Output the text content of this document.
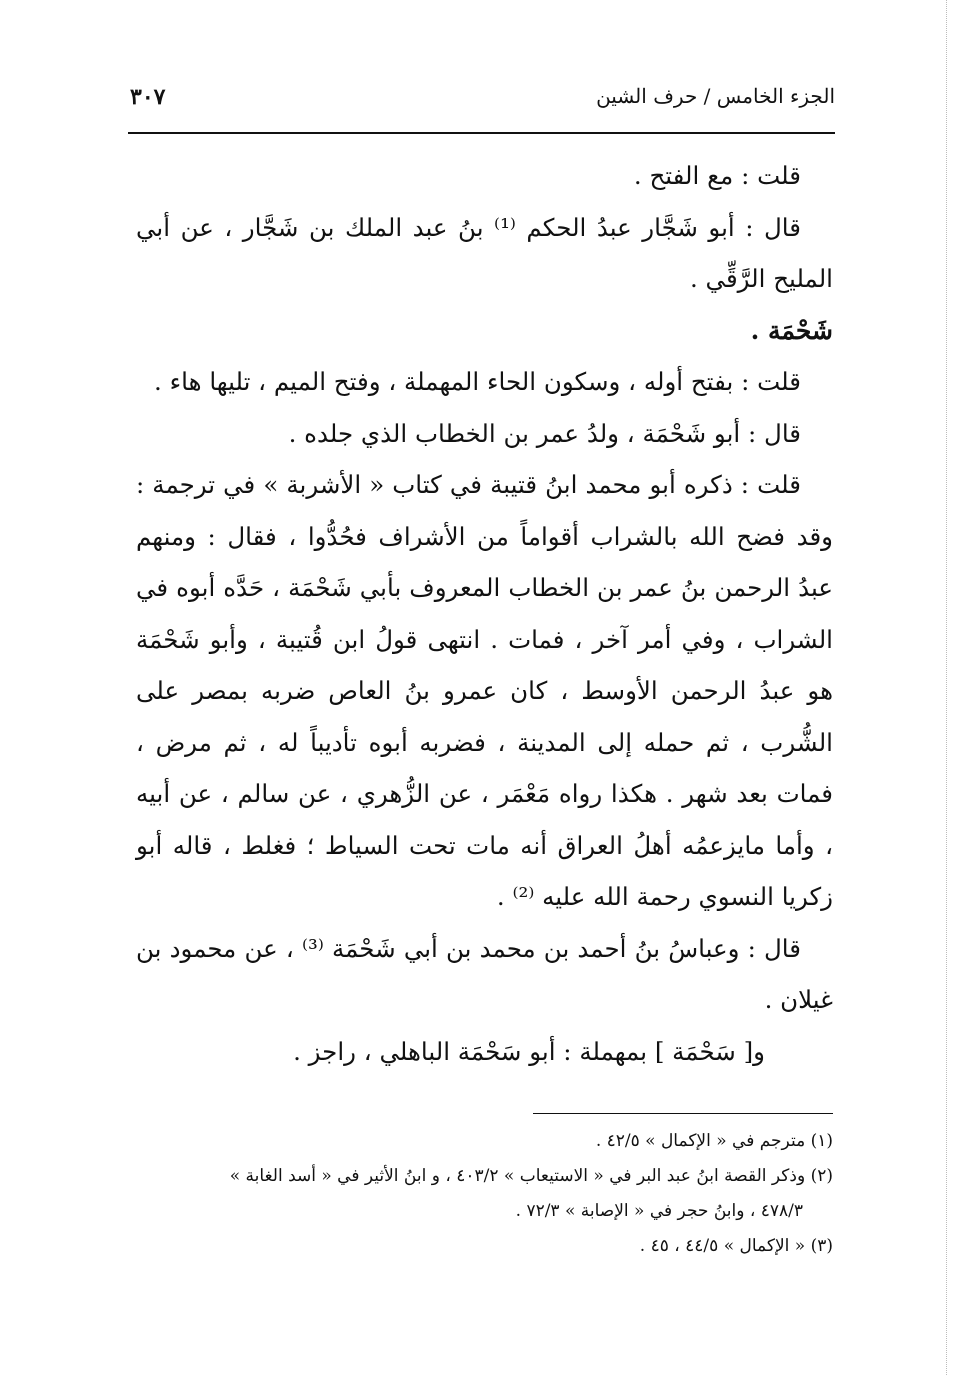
الجزء الخامس / حرف الشين
٣٠٧

قلت : مع الفتح .

قال : أبو شَجَّار عبدُ الحكم ⁽¹⁾ بنُ عبد الملك بن شَجَّار ، عن أبي المليح الرَّقِّي .

شَحْمَة .

قلت : بفتح أوله ، وسكون الحاء المهملة ، وفتح الميم ، تليها هاء .

قال : أبو شَحْمَة ، ولدُ عمر بن الخطاب الذي جلده .

قلت : ذكره أبو محمد ابنُ قتيبة في كتاب « الأشربة » في ترجمة : وقد فضح الله بالشراب أقواماً من الأشراف فحُدُّوا ، فقال : ومنهم عبدُ الرحمن بنُ عمر بن الخطاب المعروف بأبي شَحْمَة ، حَدَّه أبوه في الشراب ، وفي أمر آخر ، فمات . انتهى قولُ ابن قُتيبة ، وأبو شَحْمَة هو عبدُ الرحمن الأوسط ، كان عمرو بنُ العاص ضربه بمصر على الشُّرب ، ثم حمله إلى المدينة ، فضربه أبوه تأديباً له ، ثم مرض ، فمات بعد شهر . هكذا رواه مَعْمَر ، عن الزُّهري ، عن سالم ، عن أبيه ، وأما مايزعمُه أهلُ العراق أنه مات تحت السياط ؛ فغلط ، قاله أبو زكريا النسوي رحمة الله عليه ⁽²⁾ .

قال : وعباسُ بنُ أحمد بن محمد بن أبي شَحْمَة ⁽³⁾ ، عن محمود بن غيلان .

و[ سَحْمَة ] بمهملة : أبو سَحْمَة الباهلي ، راجز .

(١) مترجم في « الإكمال » ٤٢/٥ .

(٢) وذكر القصة ابنُ عبد البر في « الاستيعاب » ٤٠٣/٢ ، و ابنُ الأثير في « أسد الغابة »

٤٧٨/٣ ، وابنُ حجر في « الإصابة » ٧٢/٣ .

(٣) « الإكمال » ٤٤/٥ ، ٤٥ .
